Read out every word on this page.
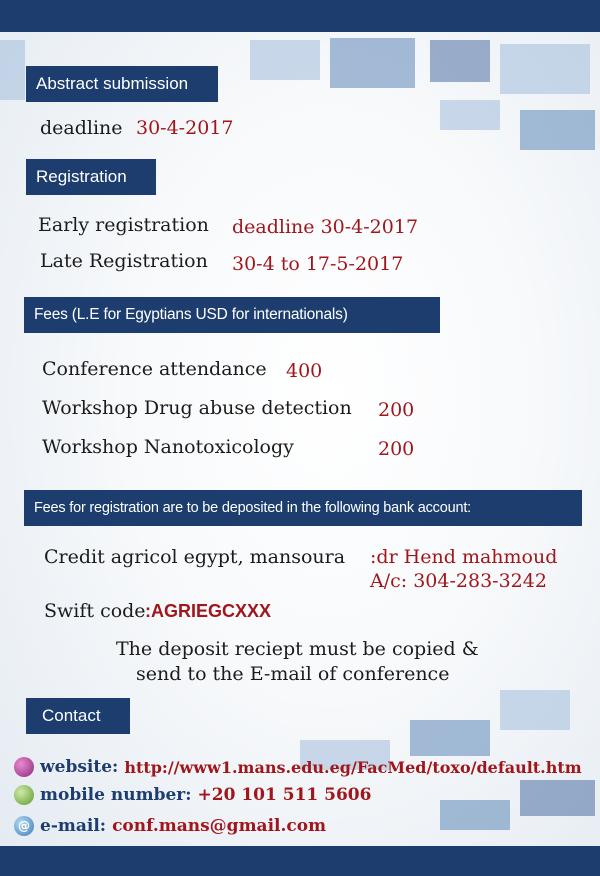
Abstract submission
deadline 30-4-2017
Registration
Early registration deadline 30-4-2017
Late Registration 30-4 to 17-5-2017
Fees (L.E for Egyptians USD for internationals)
Conference attendance 400
Workshop Drug abuse detection 200
Workshop Nanotoxicology	200
Fees for registration are to be deposited in the following bank account:
Credit agricol egypt, mansoura :dr Hend mahmoud
A/c: 304-283-3242
Swift code :AGRIEGCXXX
The deposit reciept must be copied &
send to the E-mail of conference
Contact
website: http://www1.mans.edu.eg/FacMed/toxo/default.htm
mobile number: +20 101 511 5606
@ e-mail: conf.mans@gmail.com
